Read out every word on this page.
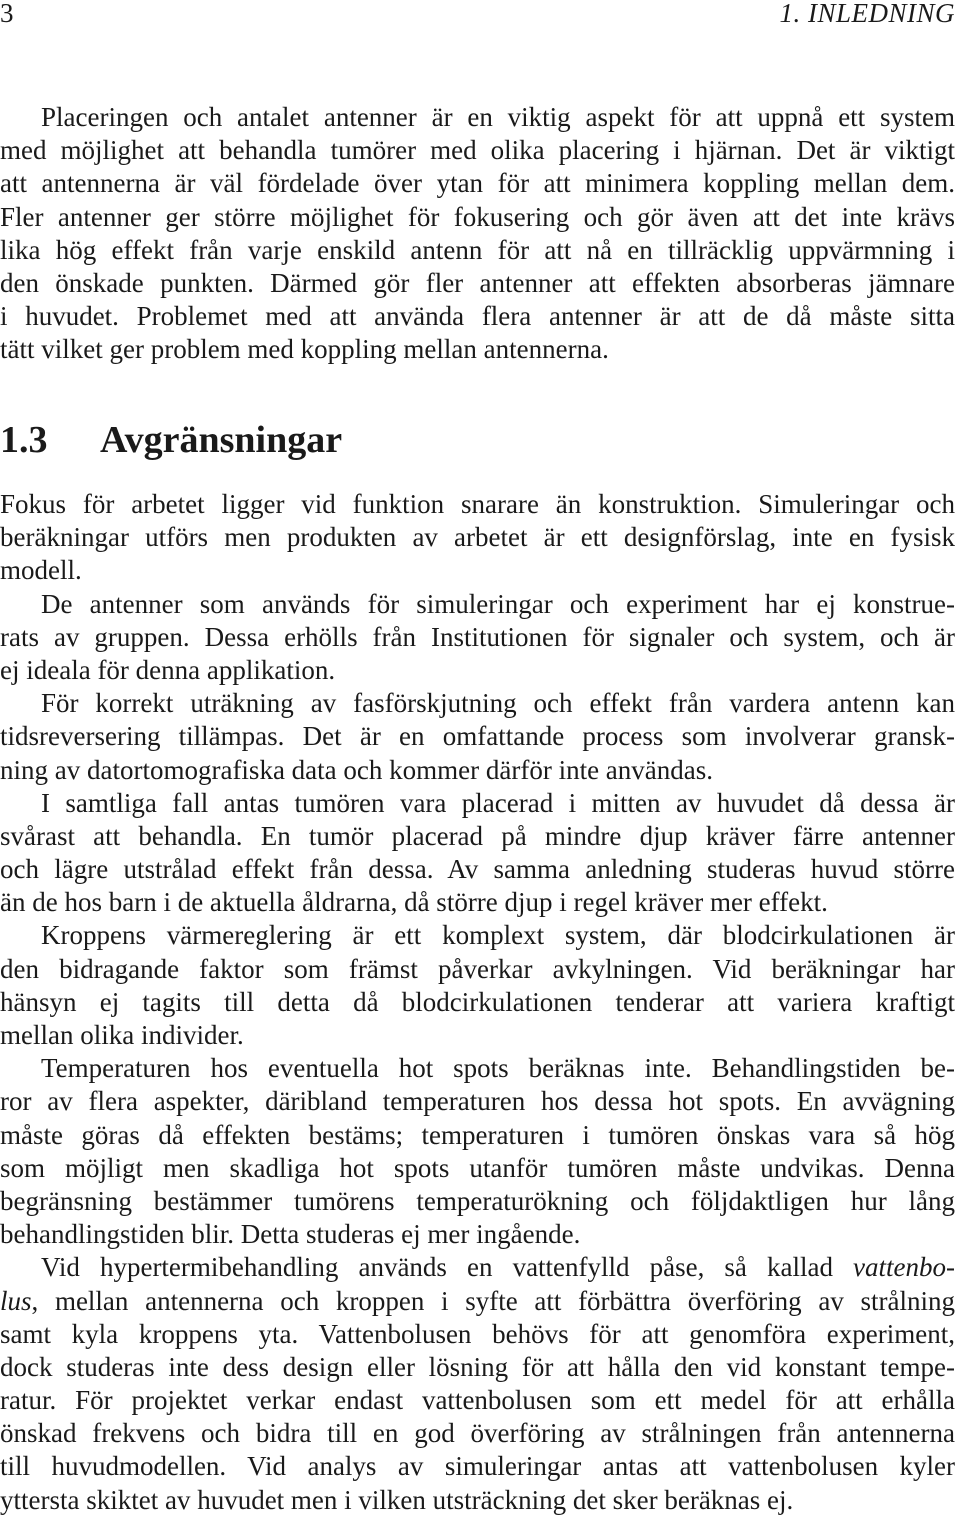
3	1. INLEDNING
Placeringen och antalet antenner är en viktig aspekt för att uppnå ett system
med möjlighet att behandla tumörer med olika placering i hjärnan. Det är viktigt
att antennerna är väl fördelade över ytan för att minimera koppling mellan dem.
Fler antenner ger större möjlighet för fokusering och gör även att det inte krävs
lika hög effekt från varje enskild antenn för att nå en tillräcklig uppvärmning i
den önskade punkten. Därmed gör fler antenner att effekten absorberas jämnare
i huvudet. Problemet med att använda flera antenner är att de då måste sitta
tätt vilket ger problem med koppling mellan antennerna.
1.3 Avgränsningar
Fokus för arbetet ligger vid funktion snarare än konstruktion. Simuleringar och
beräkningar utförs men produkten av arbetet är ett designförslag, inte en fysisk
modell.
De antenner som används för simuleringar och experiment har ej konstrue-
rats av gruppen. Dessa erhölls från Institutionen för signaler och system, och är
ej ideala för denna applikation.
För korrekt uträkning av fasförskjutning och effekt från vardera antenn kan
tidsreversering tillämpas. Det är en omfattande process som involverar gransk-
ning av datortomografiska data och kommer därför inte användas.
I samtliga fall antas tumören vara placerad i mitten av huvudet då dessa är
svårast att behandla. En tumör placerad på mindre djup kräver färre antenner
och lägre utstrålad effekt från dessa. Av samma anledning studeras huvud större
än de hos barn i de aktuella åldrarna, då större djup i regel kräver mer effekt.
Kroppens värmereglering är ett komplext system, där blodcirkulationen är
den bidragande faktor som främst påverkar avkylningen. Vid beräkningar har
hänsyn ej tagits till detta då blodcirkulationen tenderar att variera kraftigt
mellan olika individer.
Temperaturen hos eventuella hot spots beräknas inte. Behandlingstiden be-
ror av flera aspekter, däribland temperaturen hos dessa hot spots. En avvägning
måste göras då effekten bestäms; temperaturen i tumören önskas vara så hög
som möjligt men skadliga hot spots utanför tumören måste undvikas. Denna
begränsning bestämmer tumörens temperaturökning och följdaktligen hur lång
behandlingstiden blir. Detta studeras ej mer ingående.
Vid hypertermibehandling används en vattenfylld påse, så kallad vattenbo-
lus, mellan antennerna och kroppen i syfte att förbättra överföring av strålning
samt kyla kroppens yta. Vattenbolusen behövs för att genomföra experiment,
dock studeras inte dess design eller lösning för att hålla den vid konstant tempe-
ratur. För projektet verkar endast vattenbolusen som ett medel för att erhålla
önskad frekvens och bidra till en god överföring av strålningen från antennerna
till huvudmodellen. Vid analys av simuleringar antas att vattenbolusen kyler
yttersta skiktet av huvudet men i vilken utsträckning det sker beräknas ej.
